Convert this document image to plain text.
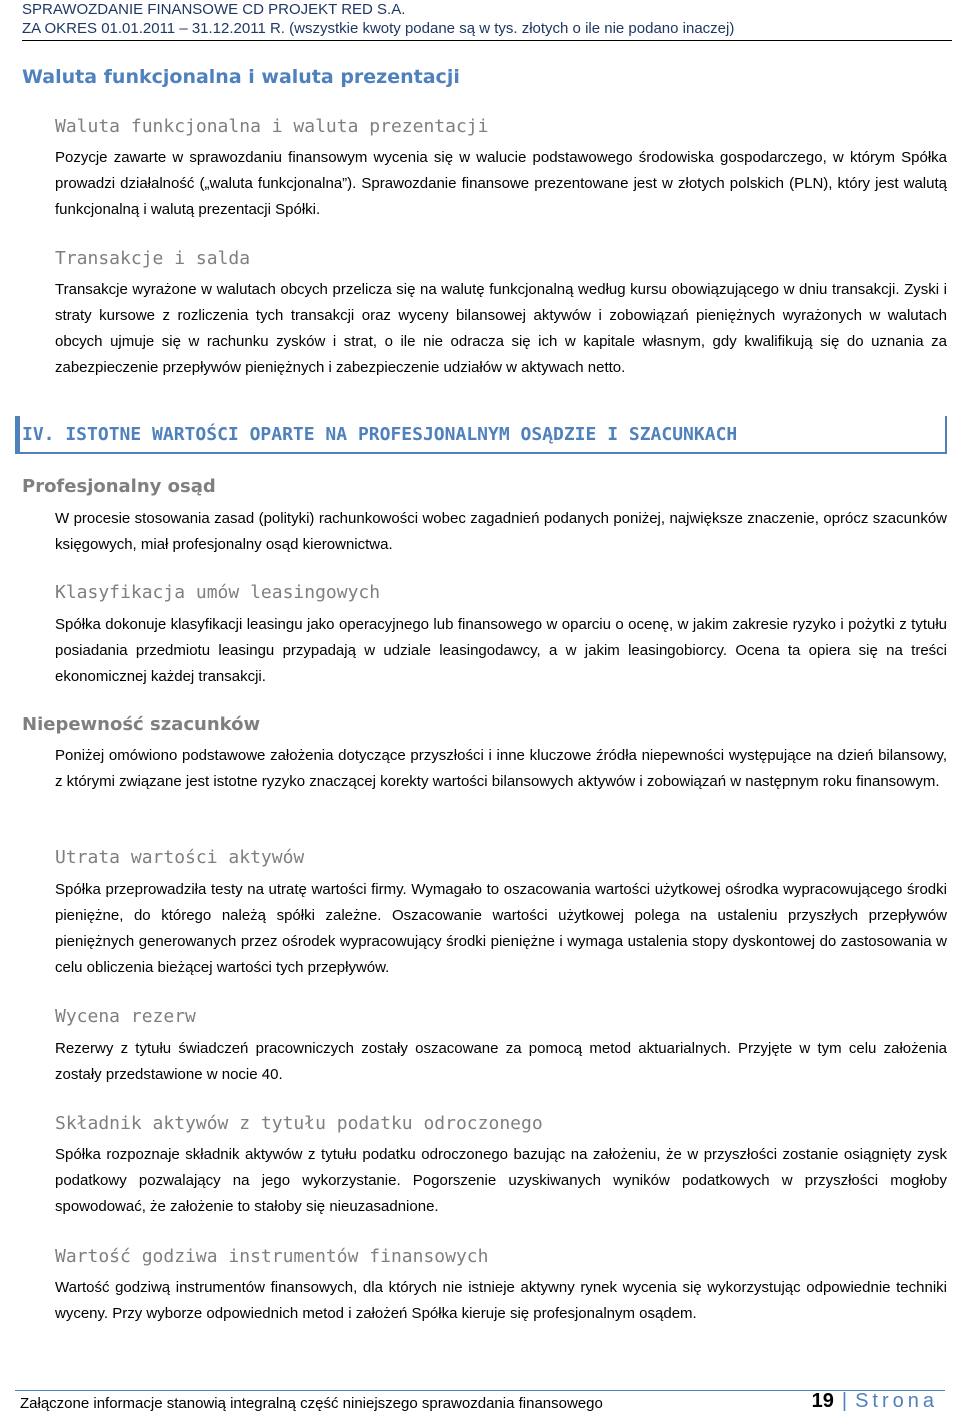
SPRAWOZDANIE FINANSOWE CD PROJEKT RED S.A.
ZA OKRES 01.01.2011 – 31.12.2011 R. (wszystkie kwoty podane są w tys. złotych o ile nie podano inaczej)
Waluta funkcjonalna i waluta prezentacji
Waluta funkcjonalna i waluta prezentacji
Pozycje zawarte w sprawozdaniu finansowym wycenia się w walucie podstawowego środowiska gospodarczego, w którym Spółka prowadzi działalność („waluta funkcjonalna”). Sprawozdanie finansowe prezentowane jest w złotych polskich (PLN), który jest walutą funkcjonalną i walutą prezentacji Spółki.
Transakcje i salda
Transakcje wyrażone w walutach obcych przelicza się na walutę funkcjonalną według kursu obowiązującego w dniu transakcji. Zyski i straty kursowe z rozliczenia tych transakcji oraz wyceny bilansowej aktywów i zobowiązań pieniężnych wyrażonych w walutach obcych ujmuje się w rachunku zysków i strat, o ile nie odracza się ich w kapitale własnym, gdy kwalifikują się do uznania za zabezpieczenie przepływów pieniężnych i zabezpieczenie udziałów w aktywach netto.
IV. ISTOTNE WARTOŚCI OPARTE NA PROFESJONALNYM OSĄDZIE I SZACUNKACH
Profesjonalny osąd
W procesie stosowania zasad (polityki) rachunkowości wobec zagadnień podanych poniżej, największe znaczenie, oprócz szacunków księgowych, miał profesjonalny osąd kierownictwa.
Klasyfikacja umów leasingowych
Spółka dokonuje klasyfikacji leasingu jako operacyjnego lub finansowego w oparciu o ocenę, w jakim zakresie ryzyko i pożytki z tytułu posiadania przedmiotu leasingu przypadają w udziale leasingodawcy, a w jakim leasingobiorcy. Ocena ta opiera się na treści ekonomicznej każdej transakcji.
Niepewność szacunków
Poniżej omówiono podstawowe założenia dotyczące przyszłości i inne kluczowe źródła niepewności występujące na dzień bilansowy, z którymi związane jest istotne ryzyko znaczącej korekty wartości bilansowych aktywów i zobowiązań w następnym roku finansowym.
Utrata wartości aktywów
Spółka przeprowadziła testy na utratę wartości firmy. Wymagało to oszacowania wartości użytkowej ośrodka wypracowującego środki pieniężne, do którego należą spółki zależne. Oszacowanie wartości użytkowej polega na ustaleniu przyszłych przepływów pieniężnych generowanych przez ośrodek wypracowujący środki pieniężne i wymaga ustalenia stopy dyskontowej do zastosowania w celu obliczenia bieżącej wartości tych przepływów.
Wycena rezerw
Rezerwy z tytułu świadczeń pracowniczych zostały oszacowane za pomocą metod aktuarialnych. Przyjęte w tym celu założenia zostały przedstawione w nocie 40.
Składnik aktywów z tytułu podatku odroczonego
Spółka rozpoznaje składnik aktywów z tytułu podatku odroczonego bazując na założeniu, że w przyszłości zostanie osiągnięty zysk podatkowy pozwalający na jego wykorzystanie. Pogorszenie uzyskiwanych wyników podatkowych w przyszłości mogłoby spowodować, że założenie to stałoby się nieuzasadnione.
Wartość godziwa instrumentów finansowych
Wartość godziwą instrumentów finansowych, dla których nie istnieje aktywny rynek wycenia się wykorzystując odpowiednie techniki wyceny. Przy wyborze odpowiednich metod i założeń Spółka kieruje się profesjonalnym osądem.
Załączone informacje stanowią integralną część niniejszego sprawozdania finansowego	19 | Strona
